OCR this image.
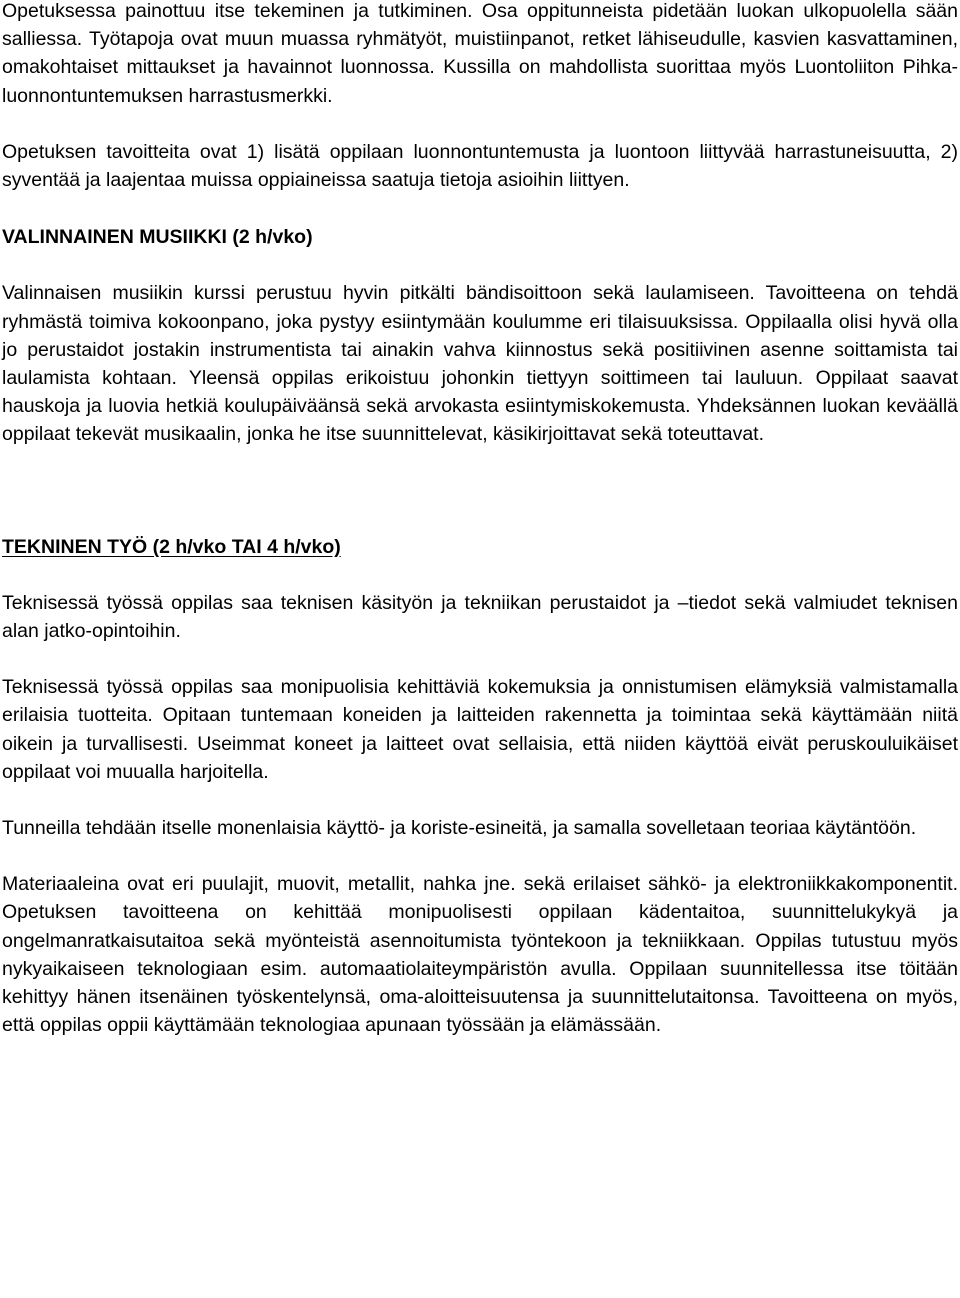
Opetuksessa painottuu itse tekeminen ja tutkiminen. Osa oppitunneista pidetään luokan ulkopuolella sään salliessa. Työtapoja ovat muun muassa ryhmätyöt, muistiinpanot, retket lähiseudulle, kasvien kasvattaminen, omakohtaiset mittaukset ja havainnot luonnossa. Kussilla on mahdollista suorittaa myös Luontoliiton Pihka-luonnontuntemuksen harrastusmerkki.

Opetuksen tavoitteita ovat 1) lisätä oppilaan luonnontuntemusta ja luontoon liittyvää harrastuneisuutta, 2) syventää ja laajentaa muissa oppiaineissa saatuja tietoja asioihin liittyen.

VALINNAINEN MUSIIKKI (2 h/vko)

Valinnaisen musiikin kurssi perustuu hyvin pitkälti bändisoittoon sekä laulamiseen. Tavoitteena on tehdä ryhmästä toimiva kokoonpano, joka pystyy esiintymään koulumme eri tilaisuuksissa. Oppilaalla olisi hyvä olla jo perustaidot jostakin instrumentista tai ainakin vahva kiinnostus sekä positiivinen asenne soittamista tai laulamista kohtaan. Yleensä oppilas erikoistuu johonkin tiettyyn soittimeen tai lauluun. Oppilaat saavat hauskoja ja luovia hetkiä koulupäiväänsä sekä arvokasta esiintymiskokemusta. Yhdeksännen luokan keväällä oppilaat tekevät musikaalin, jonka he itse suunnittelevat, käsikirjoittavat sekä toteuttavat.

TEKNINEN TYÖ (2 h/vko TAI 4 h/vko)

Teknisessä työssä oppilas saa teknisen käsityön ja tekniikan perustaidot ja –tiedot sekä valmiudet teknisen alan jatko-opintoihin.

Teknisessä työssä oppilas saa monipuolisia kehittäviä kokemuksia ja onnistumisen elämyksiä valmistamalla erilaisia tuotteita. Opitaan tuntemaan koneiden ja laitteiden rakennetta ja toimintaa sekä käyttämään niitä oikein ja turvallisesti. Useimmat koneet ja laitteet ovat sellaisia, että niiden käyttöä eivät peruskouluikäiset oppilaat voi muualla harjoitella.

Tunneilla tehdään itselle monenlaisia käyttö- ja koriste-esineitä, ja samalla sovelletaan teoriaa käytäntöön.

Materiaaleina ovat eri puulajit, muovit, metallit, nahka jne. sekä erilaiset sähkö- ja elektroniikkakomponentit. Opetuksen tavoitteena on kehittää monipuolisesti oppilaan kädentaitoa, suunnittelukykyä ja ongelmanratkaisutaitoa sekä myönteistä asennoitumista työntekoon ja tekniikkaan. Oppilas tutustuu myös nykyaikaiseen teknologiaan esim. automaatiolaiteympäristön avulla. Oppilaan suunnitellessa itse töitään kehittyy hänen itsenäinen työskentelynsä, oma-aloitteisuutensa ja suunnittelutaitonsa. Tavoitteena on myös, että oppilas oppii käyttämään teknologiaa apunaan työssään ja elämässään.
